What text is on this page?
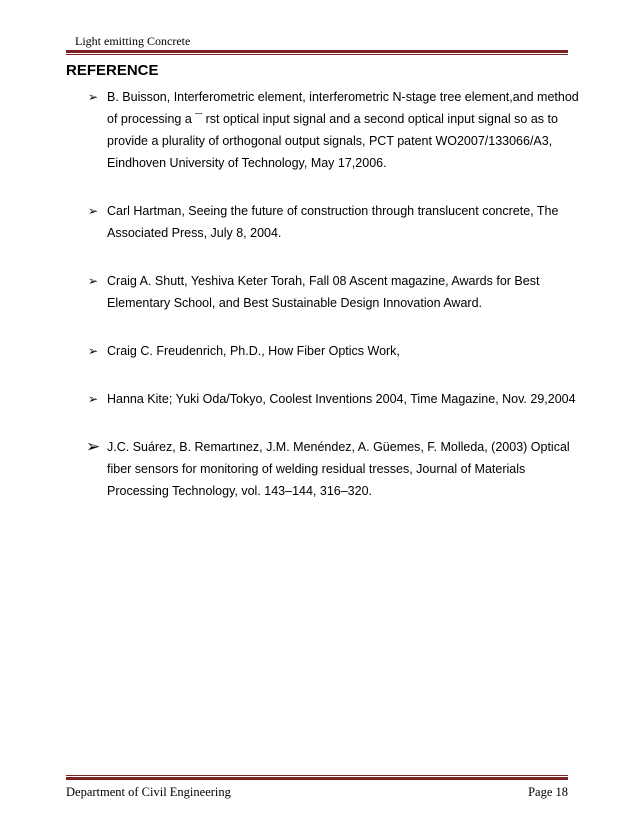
Light emitting Concrete
REFERENCE
➢ B. Buisson, Interferometric element, interferometric N-stage tree element,and method of processing a ¯ rst optical input signal and a second optical input signal so as to provide a plurality of orthogonal output signals, PCT patent WO2007/133066/A3, Eindhoven University of Technology, May 17,2006.
➢ Carl Hartman, Seeing the future of construction through translucent concrete, The Associated Press, July 8, 2004.
➢ Craig A. Shutt, Yeshiva Keter Torah, Fall 08 Ascent magazine, Awards for Best Elementary School, and Best Sustainable Design Innovation Award.
➢ Craig C. Freudenrich, Ph.D., How Fiber Optics Work,
➢ Hanna Kite; Yuki Oda/Tokyo, Coolest Inventions 2004, Time Magazine, Nov. 29,2004
➢ J.C. Suárez, B. Remartınez, J.M. Menéndez, A. Güemes, F. Molleda, (2003) Optical fiber sensors for monitoring of welding residual tresses, Journal of Materials Processing Technology, vol. 143–144, 316–320.
Department of Civil Engineering	Page 18
